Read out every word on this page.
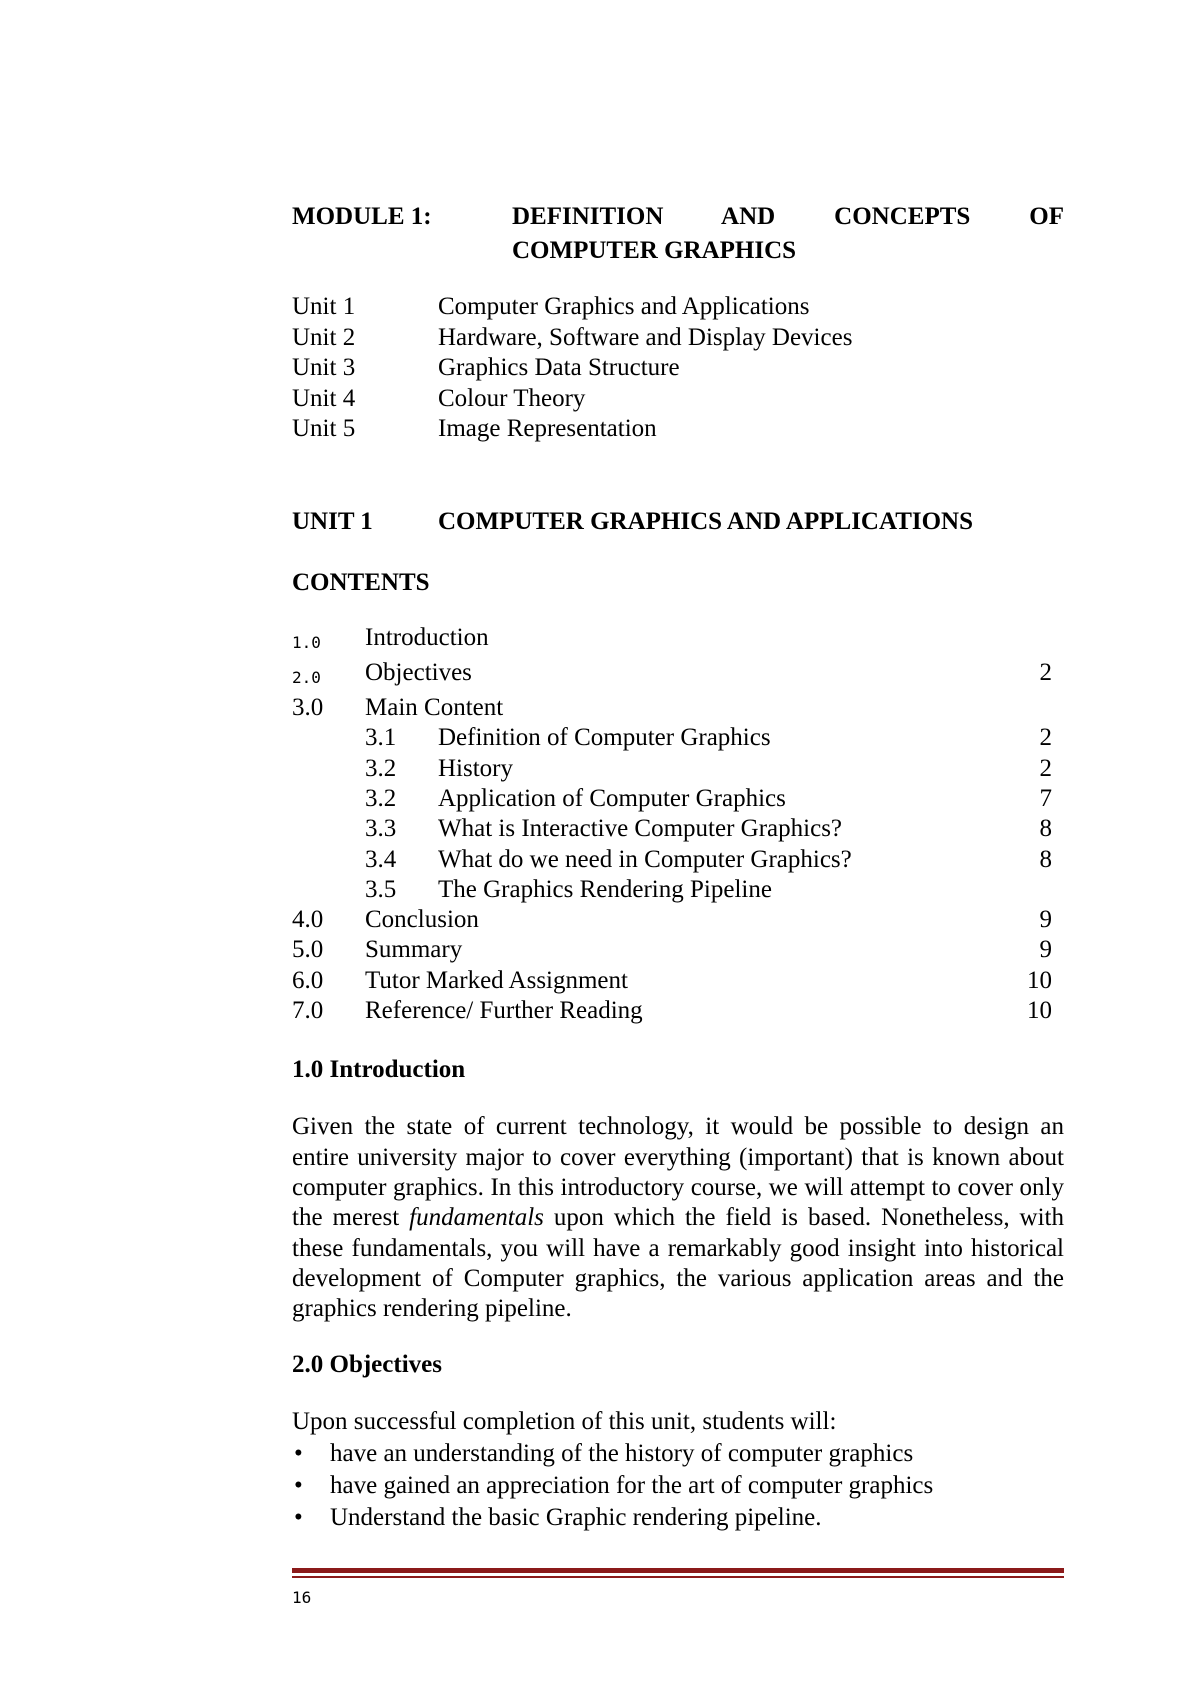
MODULE 1:	DEFINITION AND CONCEPTS OF
COMPUTER GRAPHICS
Unit 1	Computer Graphics and Applications
Unit 2	Hardware, Software and Display Devices
Unit 3	Graphics Data Structure
Unit 4	Colour Theory
Unit 5	Image Representation
UNIT 1	COMPUTER GRAPHICS AND APPLICATIONS
CONTENTS
1.0	Introduction
2.0	Objectives	2
3.0	Main Content
3.1	Definition of Computer Graphics	2
3.2	History	2
3.2	Application of Computer Graphics	7
3.3	What is Interactive Computer Graphics?	8
3.4	What do we need in Computer Graphics?	8
3.5	The Graphics Rendering Pipeline
4.0	Conclusion	9
5.0	Summary	9
6.0	Tutor Marked Assignment	10
7.0	Reference/ Further Reading	10
1.0 Introduction
Given the state of current technology, it would be possible to design an entire university major to cover everything (important) that is known about computer graphics. In this introductory course, we will attempt to cover only the merest fundamentals upon which the field is based. Nonetheless, with these fundamentals, you will have a remarkably good insight into historical development of Computer graphics, the various application areas and the graphics rendering pipeline.
2.0 Objectives
Upon successful completion of this unit, students will:
•	have an understanding of the history of computer graphics
•	have gained an appreciation for the art of computer graphics
•	Understand the basic Graphic rendering pipeline.
16
